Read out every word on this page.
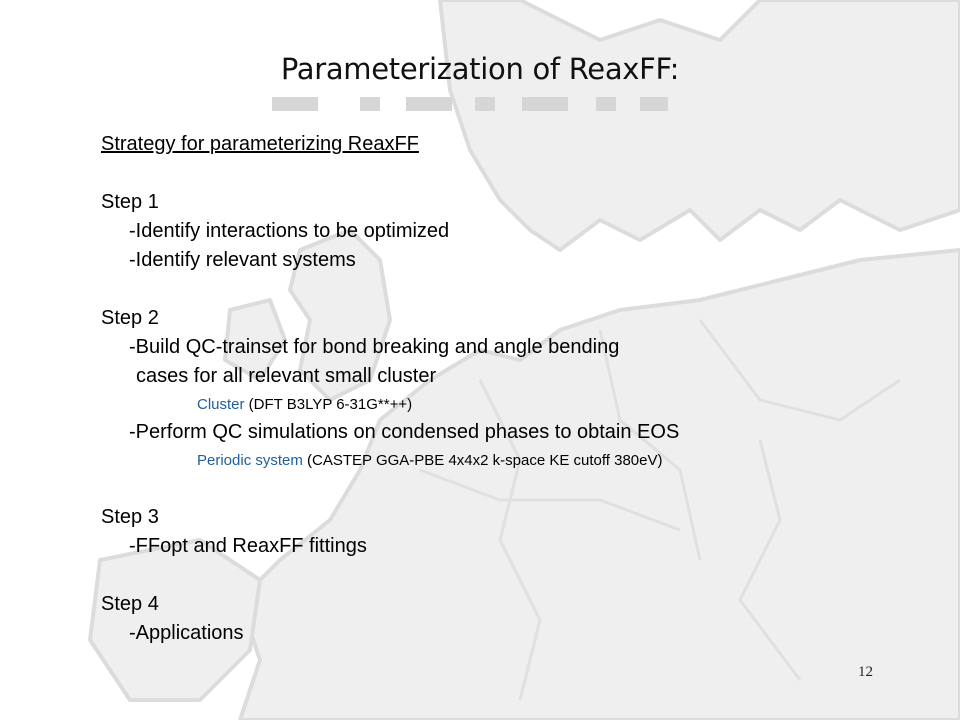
Parameterization of ReaxFF:
Strategy for parameterizing ReaxFF
Step 1
-Identify interactions to be optimized
-Identify relevant systems
Step 2
-Build QC-trainset for bond breaking and angle bending
cases for all relevant small cluster
Cluster (DFT B3LYP 6-31G**++)
-Perform QC simulations on condensed phases to obtain EOS
Periodic system (CASTEP GGA-PBE 4x4x2 k-space KE cutoff 380eV)
Step 3
-FFopt and ReaxFF fittings
Step 4
-Applications
12
